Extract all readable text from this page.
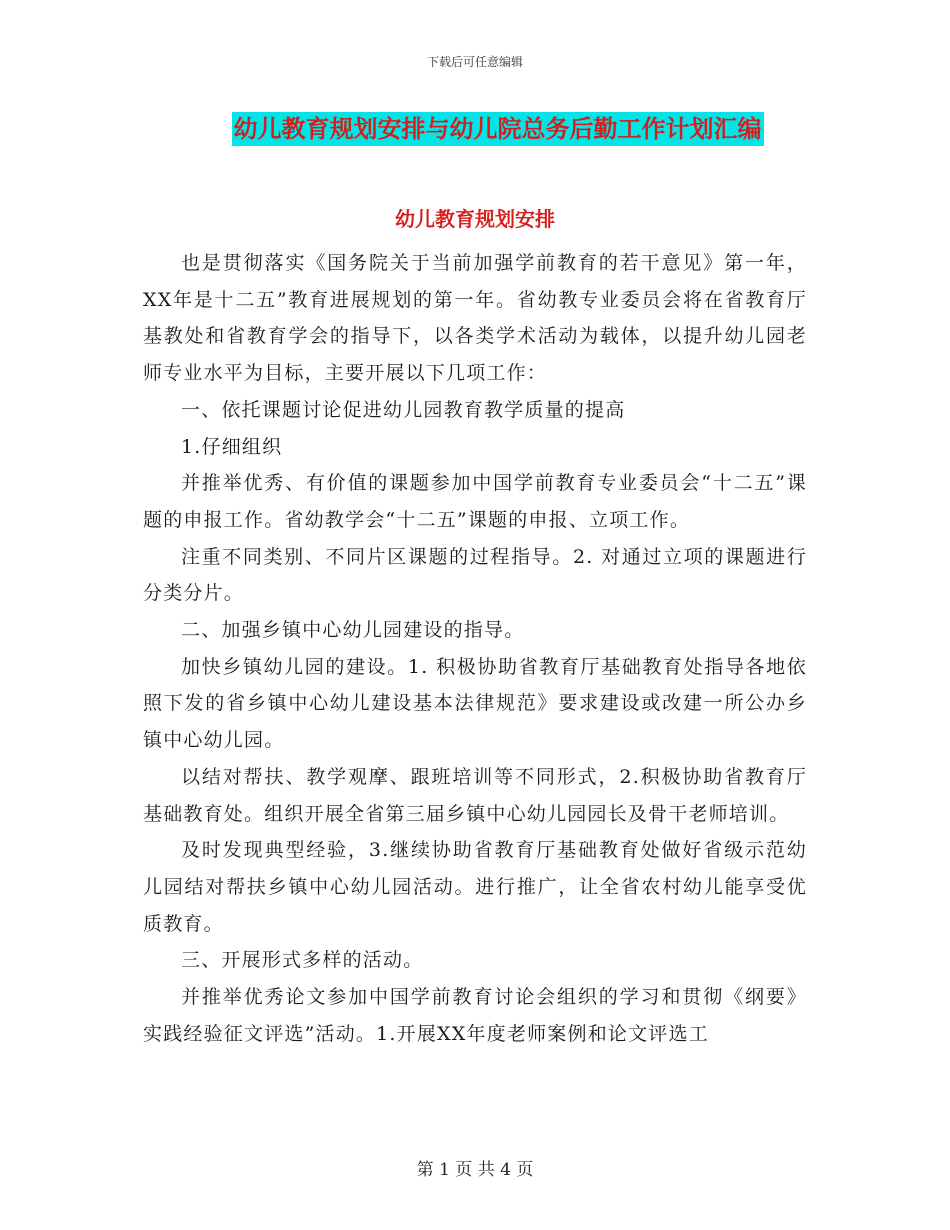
下载后可任意编辑
幼儿教育规划安排与幼儿院总务后勤工作计划汇编
幼儿教育规划安排

也是贯彻落实《国务院关于当前加强学前教育的若干意见》第一年，XX年是十二五”教育进展规划的第一年。省幼教专业委员会将在省教育厅基教处和省教育学会的指导下，以各类学术活动为载体，以提升幼儿园老师专业水平为目标，主要开展以下几项工作：

一、依托课题讨论促进幼儿园教育教学质量的提高

1.仔细组织

并推举优秀、有价值的课题参加中国学前教育专业委员会“十二五”课题的申报工作。省幼教学会“十二五”课题的申报、立项工作。

注重不同类别、不同片区课题的过程指导。2. 对通过立项的课题进行分类分片。

二、加强乡镇中心幼儿园建设的指导。

加快乡镇幼儿园的建设。1. 积极协助省教育厅基础教育处指导各地依照下发的省乡镇中心幼儿建设基本法律规范》要求建设或改建一所公办乡镇中心幼儿园。

以结对帮扶、教学观摩、跟班培训等不同形式，2.积极协助省教育厅基础教育处。组织开展全省第三届乡镇中心幼儿园园长及骨干老师培训。

及时发现典型经验，3.继续协助省教育厅基础教育处做好省级示范幼儿园结对帮扶乡镇中心幼儿园活动。进行推广，让全省农村幼儿能享受优质教育。

三、开展形式多样的活动。

并推举优秀论文参加中国学前教育讨论会组织的学习和贯彻《纲要》实践经验征文评选”活动。1.开展XX年度老师案例和论文评选工

第 1 页 共 4 页
